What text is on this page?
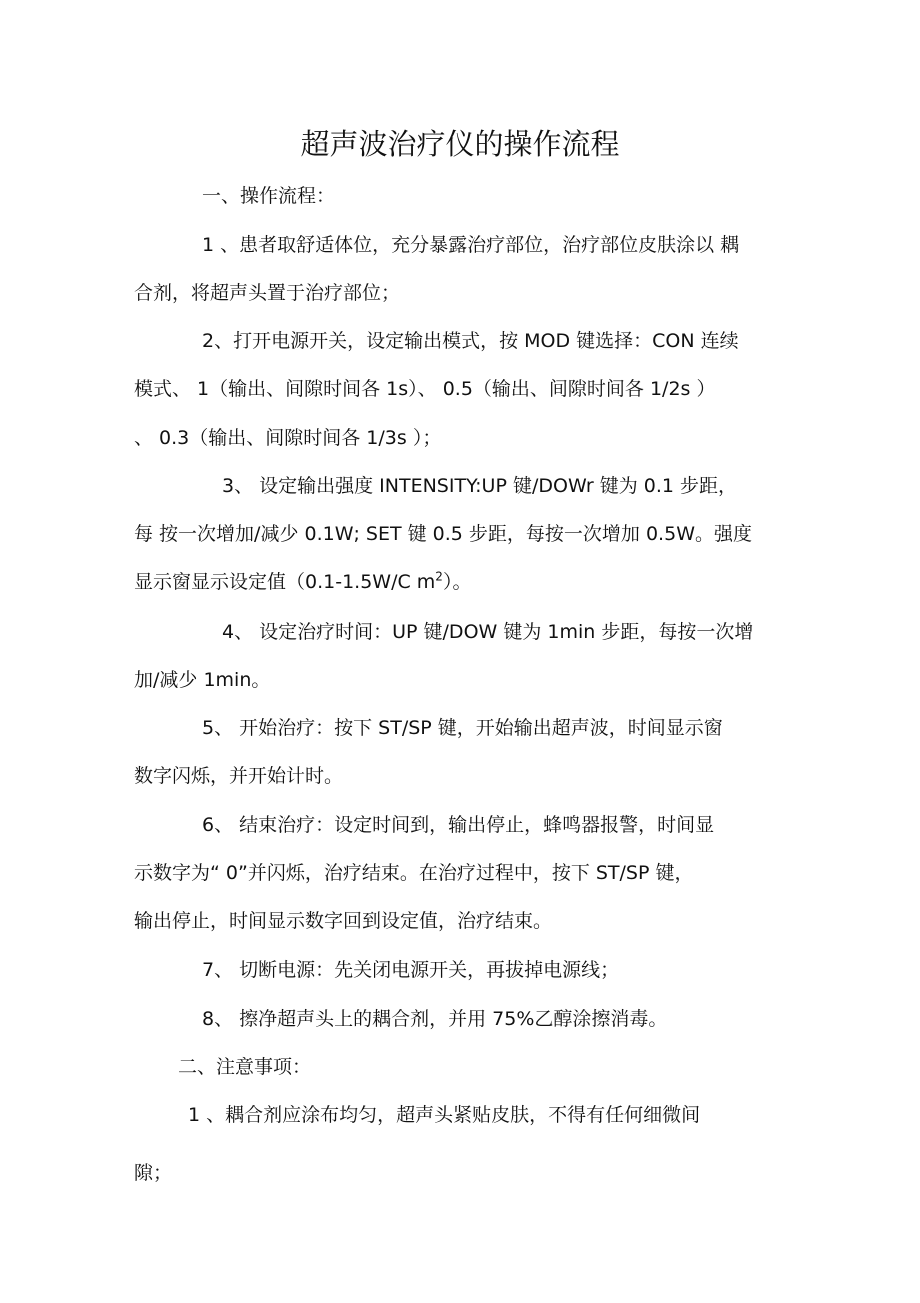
超声波治疗仪的操作流程
一、操作流程：
1 、患者取舒适体位，充分暴露治疗部位，治疗部位皮肤涂以 耦
合剂，将超声头置于治疗部位；
2、打开电源开关，设定输出模式，按 MOD 键选择：CON 连续
模式、 1（输出、间隙时间各 1s）、 0.5（输出、间隙时间各 1/2s ）
、 0.3（输出、间隙时间各 1/3s ）；
3、 设定输出强度 INTENSITY:UP 键/DOWr 键为 0.1 步距，
每 按一次增加/减少 0.1W; SET 键 0.5 步距，每按一次增加 0.5W。强度
显示窗显示设定值（0.1-1.5W/C $m^2$）。
4、 设定治疗时间：UP 键/DOW 键为 1min 步距，每按一次增
加/减少 1min。
5、 开始治疗：按下 ST/SP 键，开始输出超声波，时间显示窗
数字闪烁，并开始计时。
6、 结束治疗：设定时间到，输出停止，蜂鸣器报警，时间显
示数字为“ 0”并闪烁，治疗结束。在治疗过程中，按下 ST/SP 键，
输出停止，时间显示数字回到设定值，治疗结束。
7、 切断电源：先关闭电源开关，再拔掉电源线；
8、 擦净超声头上的耦合剂，并用 75%乙醇涂擦消毒。
二、注意事项：
1 、耦合剂应涂布均匀，超声头紧贴皮肤，不得有任何细微间
隙；
